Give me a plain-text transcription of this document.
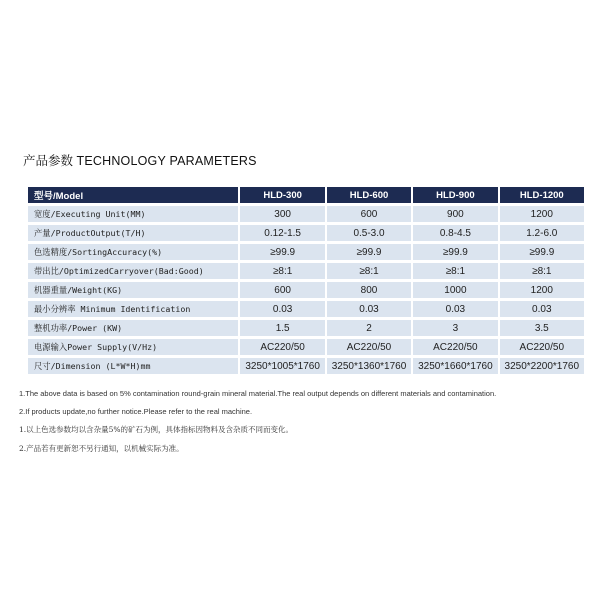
产品参数 TECHNOLOGY PARAMETERS
型号/Model	HLD-300	HLD-600	HLD-900	HLD-1200
宽度/Executing Unit(MM)	300	600	900	1200
产量/ProductOutput(T/H)	0.12-1.5	0.5-3.0	0.8-4.5	1.2-6.0
色选精度/SortingAccuracy(%)	≥99.9	≥99.9	≥99.9	≥99.9
带出比/OptimizedCarryover(Bad:Good)	≥8:1	≥8:1	≥8:1	≥8:1
机器重量/Weight(KG)	600	800	1000	1200
最小分辨率 Minimum Identification	0.03	0.03	0.03	0.03
整机功率/Power (KW)	1.5	2	3	3.5
电源输入Power Supply(V/Hz)	AC220/50	AC220/50	AC220/50	AC220/50
尺寸/Dimension (L*W*H)mm	3250*1005*1760	3250*1360*1760	3250*1660*1760	3250*2200*1760
1.The above data is based on 5% contamination round-grain mineral material.The real output depends on different materials and contamination.
2.If products update,no further notice.Please refer to the real machine.
1.以上色选参数均以含杂量5%的矿石为例，具体指标因物料及含杂质不同而变化。
2.产品若有更新恕不另行通知，以机械实际为准。
